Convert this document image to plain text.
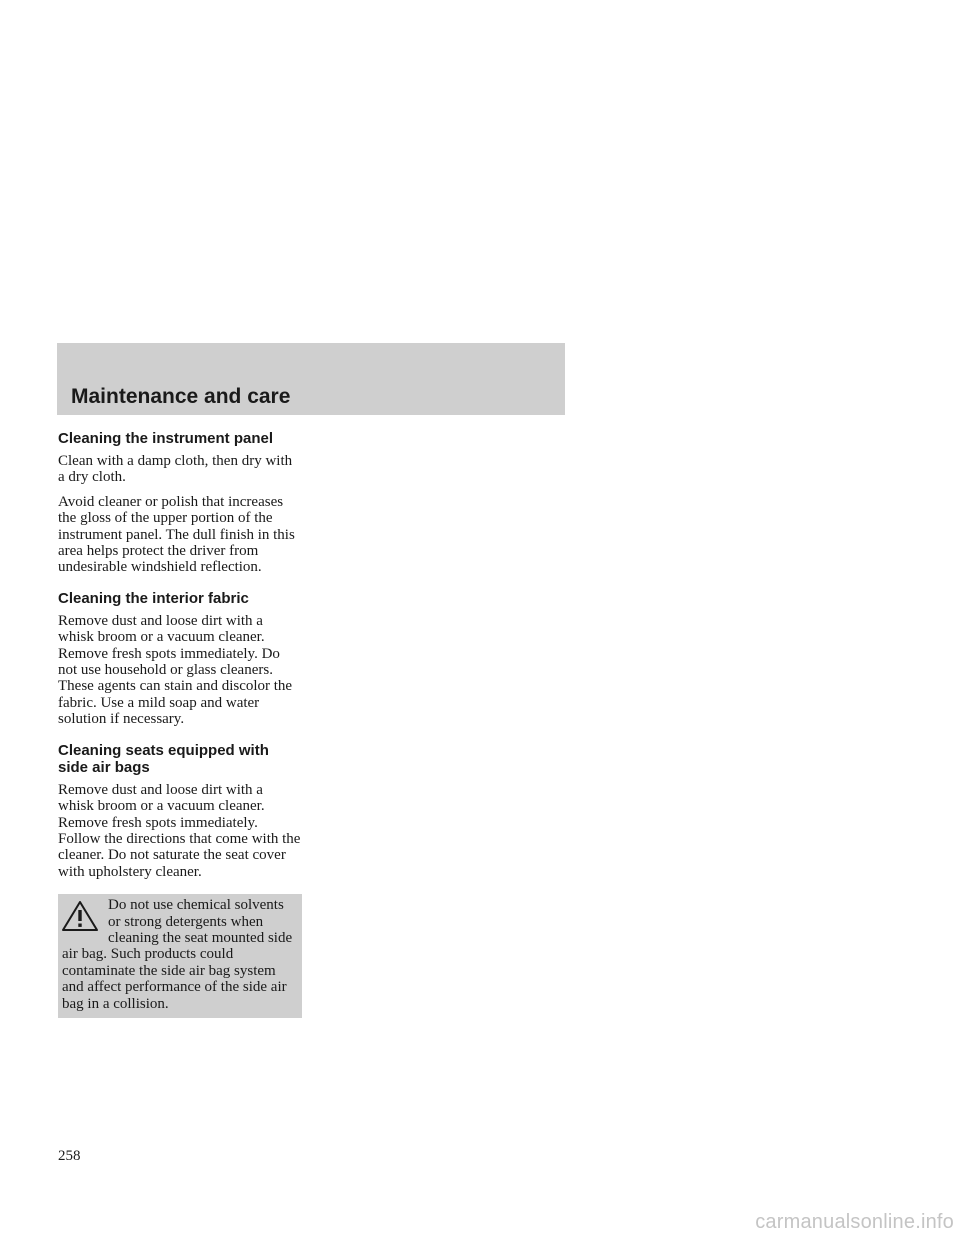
Maintenance and care
Cleaning the instrument panel

Clean with a damp cloth, then dry with a dry cloth.

Avoid cleaner or polish that increases the gloss of the upper portion of the instrument panel. The dull finish in this area helps protect the driver from undesirable windshield reflection.

Cleaning the interior fabric

Remove dust and loose dirt with a whisk broom or a vacuum cleaner. Remove fresh spots immediately. Do not use household or glass cleaners. These agents can stain and discolor the fabric. Use a mild soap and water solution if necessary.

Cleaning seats equipped with side air bags

Remove dust and loose dirt with a whisk broom or a vacuum cleaner. Remove fresh spots immediately. Follow the directions that come with the cleaner. Do not saturate the seat cover with upholstery cleaner.

Do not use chemical solvents or strong detergents when cleaning the seat mounted side air bag. Such products could contaminate the side air bag system and affect performance of the side air bag in a collision.
258
carmanualsonline.info
